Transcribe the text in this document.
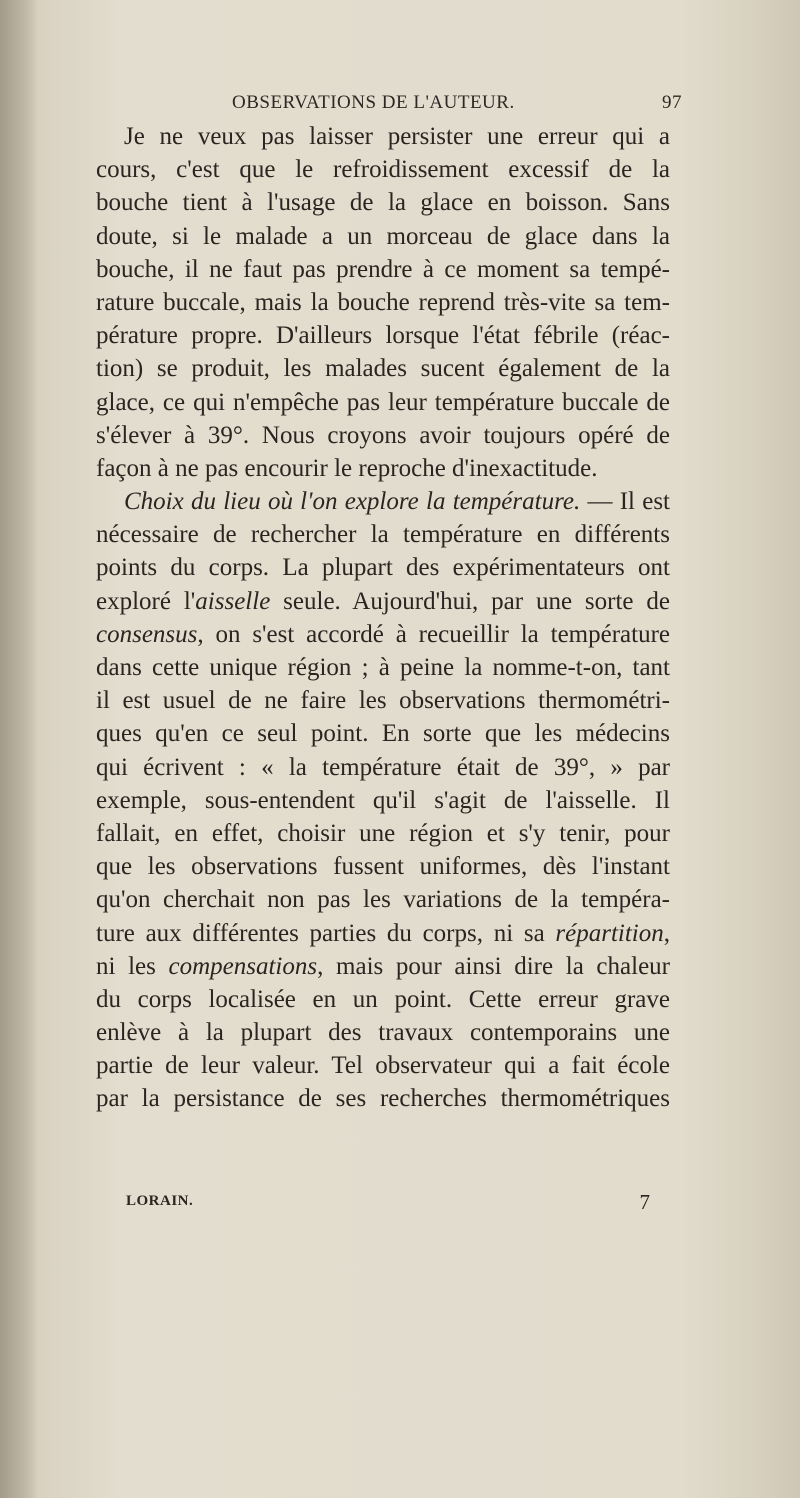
OBSERVATIONS DE L'AUTEUR.	97
Je ne veux pas laisser persister une erreur qui a
cours, c'est que le refroidissement excessif de la
bouche tient à l'usage de la glace en boisson. Sans
doute, si le malade a un morceau de glace dans la
bouche, il ne faut pas prendre à ce moment sa tempé-
rature buccale, mais la bouche reprend très-vite sa tem-
pérature propre. D'ailleurs lorsque l'état fébrile (réac-
tion) se produit, les malades sucent également de la
glace, ce qui n'empêche pas leur température buccale de
s'élever à 39°. Nous croyons avoir toujours opéré de
façon à ne pas encourir le reproche d'inexactitude.
Choix du lieu où l'on explore la température. — Il est
nécessaire de rechercher la température en différents
points du corps. La plupart des expérimentateurs ont
exploré l'aisselle seule. Aujourd'hui, par une sorte de
consensus, on s'est accordé à recueillir la température
dans cette unique région ; à peine la nomme-t-on, tant
il est usuel de ne faire les observations thermométri-
ques qu'en ce seul point. En sorte que les médecins
qui écrivent : « la température était de 39°, » par
exemple, sous-entendent qu'il s'agit de l'aisselle. Il
fallait, en effet, choisir une région et s'y tenir, pour
que les observations fussent uniformes, dès l'instant
qu'on cherchait non pas les variations de la tempéra-
ture aux différentes parties du corps, ni sa répartition,
ni les compensations, mais pour ainsi dire la chaleur
du corps localisée en un point. Cette erreur grave
enlève à la plupart des travaux contemporains une
partie de leur valeur. Tel observateur qui a fait école
par la persistance de ses recherches thermométriques
LORAIN.	7
